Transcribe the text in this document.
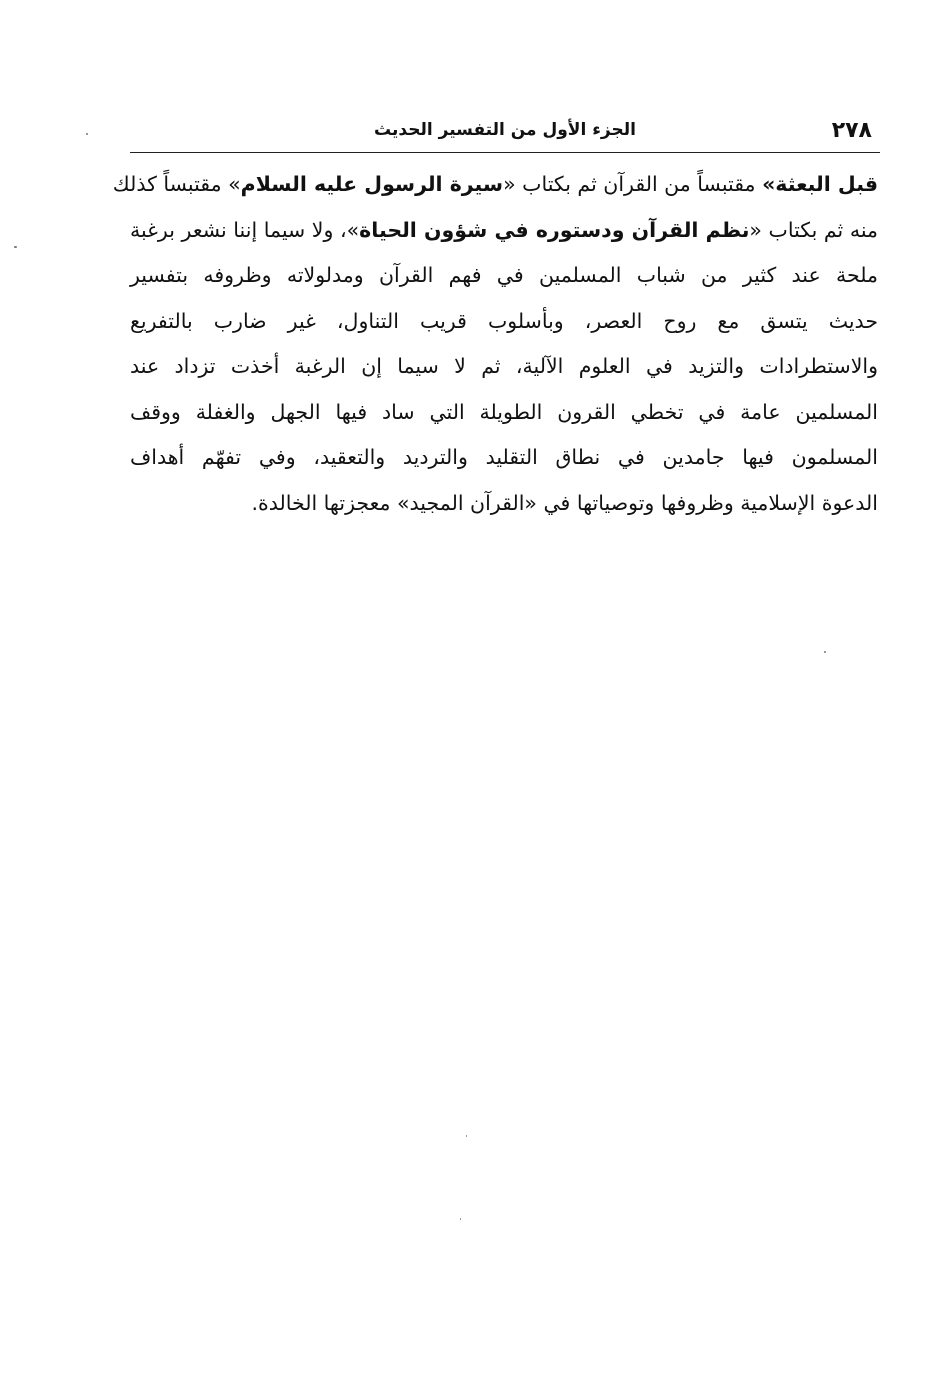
٢٧٨
الجزء الأول من التفسير الحديث
قبل البعثة» مقتبساً من القرآن ثم بكتاب «سيرة الرسول عليه السلام» مقتبساً كذلك
منه ثم بكتاب «نظم القرآن ودستوره في شؤون الحياة»، ولا سيما إننا نشعر برغبة
ملحة عند كثير من شباب المسلمين في فهم القرآن ومدلولاته وظروفه بتفسير
حديث يتسق مع روح العصر، وبأسلوب قريب التناول، غير ضارب بالتفريع
والاستطرادات والتزيد في العلوم الآلية، ثم لا سيما إن الرغبة أخذت تزداد عند
المسلمين عامة في تخطي القرون الطويلة التي ساد فيها الجهل والغفلة ووقف
المسلمون فيها جامدين في نطاق التقليد والترديد والتعقيد، وفي تفهّم أهداف
الدعوة الإسلامية وظروفها وتوصياتها في «القرآن المجيد» معجزتها الخالدة.
